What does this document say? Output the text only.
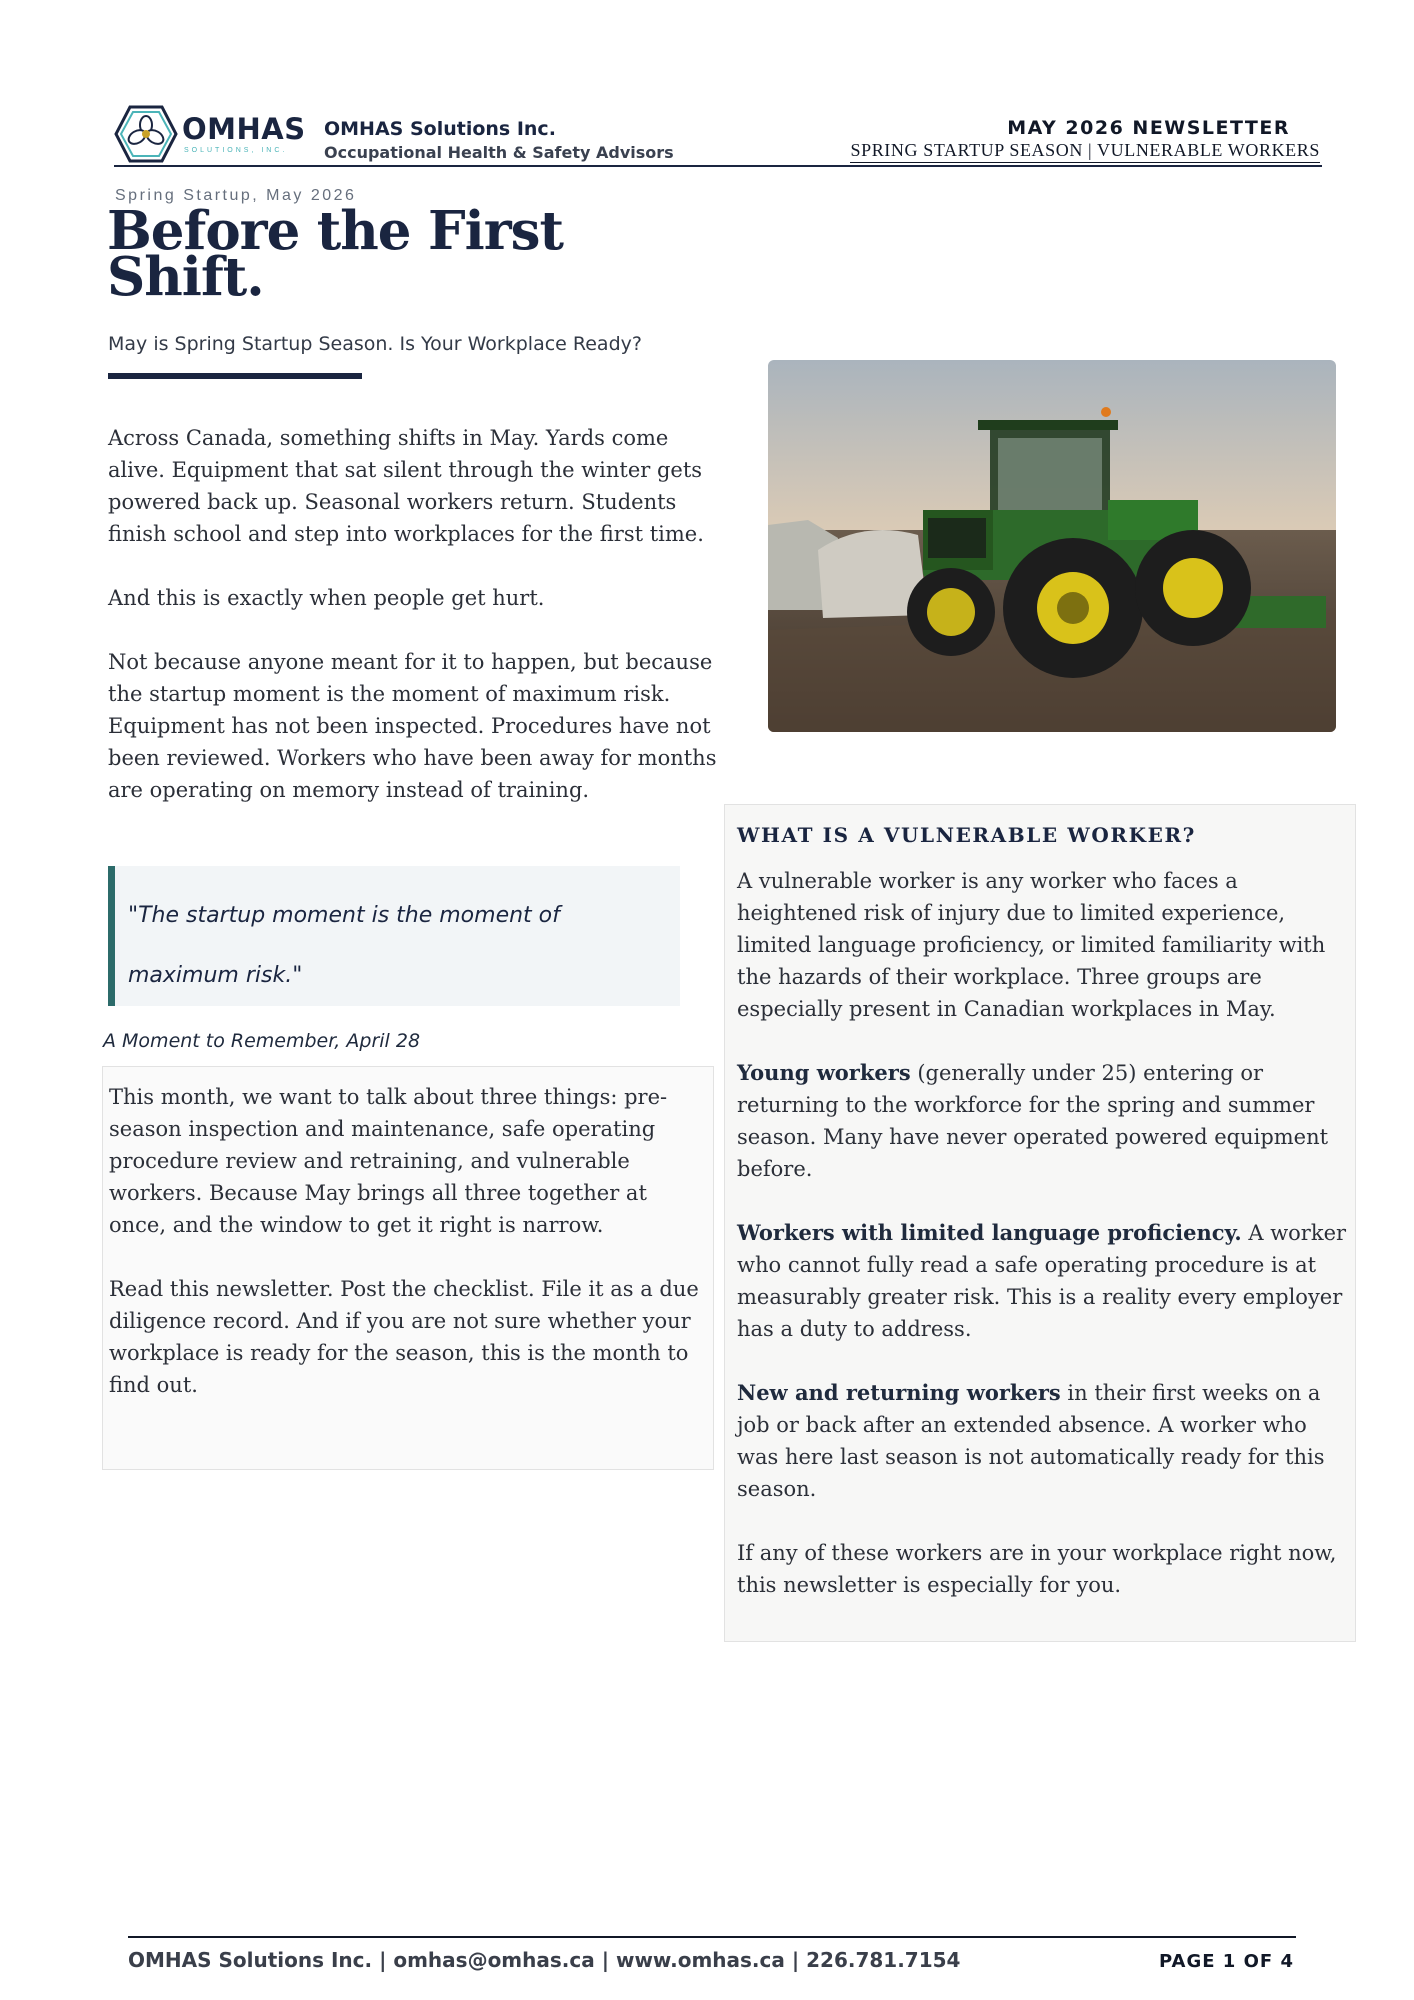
OMHAS
SOLUTIONS, INC.
OMHAS Solutions Inc.
Occupational Health & Safety Advisors
MAY 2026 NEWSLETTER
SPRING STARTUP SEASON | VULNERABLE WORKERS
Spring Startup, May 2026
Before the First Shift.
May is Spring Startup Season. Is Your Workplace Ready?

Across Canada, something shifts in May. Yards come alive. Equipment that sat silent through the winter gets powered back up. Seasonal workers return. Students finish school and step into workplaces for the first time.

And this is exactly when people get hurt.

Not because anyone meant for it to happen, but because the startup moment is the moment of maximum risk. Equipment has not been inspected. Procedures have not been reviewed. Workers who have been away for months are operating on memory instead of training.

"The startup moment is the moment of maximum risk."
A Moment to Remember, April 28

This month, we want to talk about three things: pre-season inspection and maintenance, safe operating procedure review and retraining, and vulnerable workers. Because May brings all three together at once, and the window to get it right is narrow.

Read this newsletter. Post the checklist. File it as a due diligence record. And if you are not sure whether your workplace is ready for the season, this is the month to find out.

WHAT IS A VULNERABLE WORKER?

A vulnerable worker is any worker who faces a heightened risk of injury due to limited experience, limited language proficiency, or limited familiarity with the hazards of their workplace. Three groups are especially present in Canadian workplaces in May.

Young workers (generally under 25) entering or returning to the workforce for the spring and summer season. Many have never operated powered equipment before.

Workers with limited language proficiency. A worker who cannot fully read a safe operating procedure is at measurably greater risk. This is a reality every employer has a duty to address.

New and returning workers in their first weeks on a job or back after an extended absence. A worker who was here last season is not automatically ready for this season.

If any of these workers are in your workplace right now, this newsletter is especially for you.

OMHAS Solutions Inc. | omhas@omhas.ca | www.omhas.ca | 226.781.7154	PAGE 1 OF 4
